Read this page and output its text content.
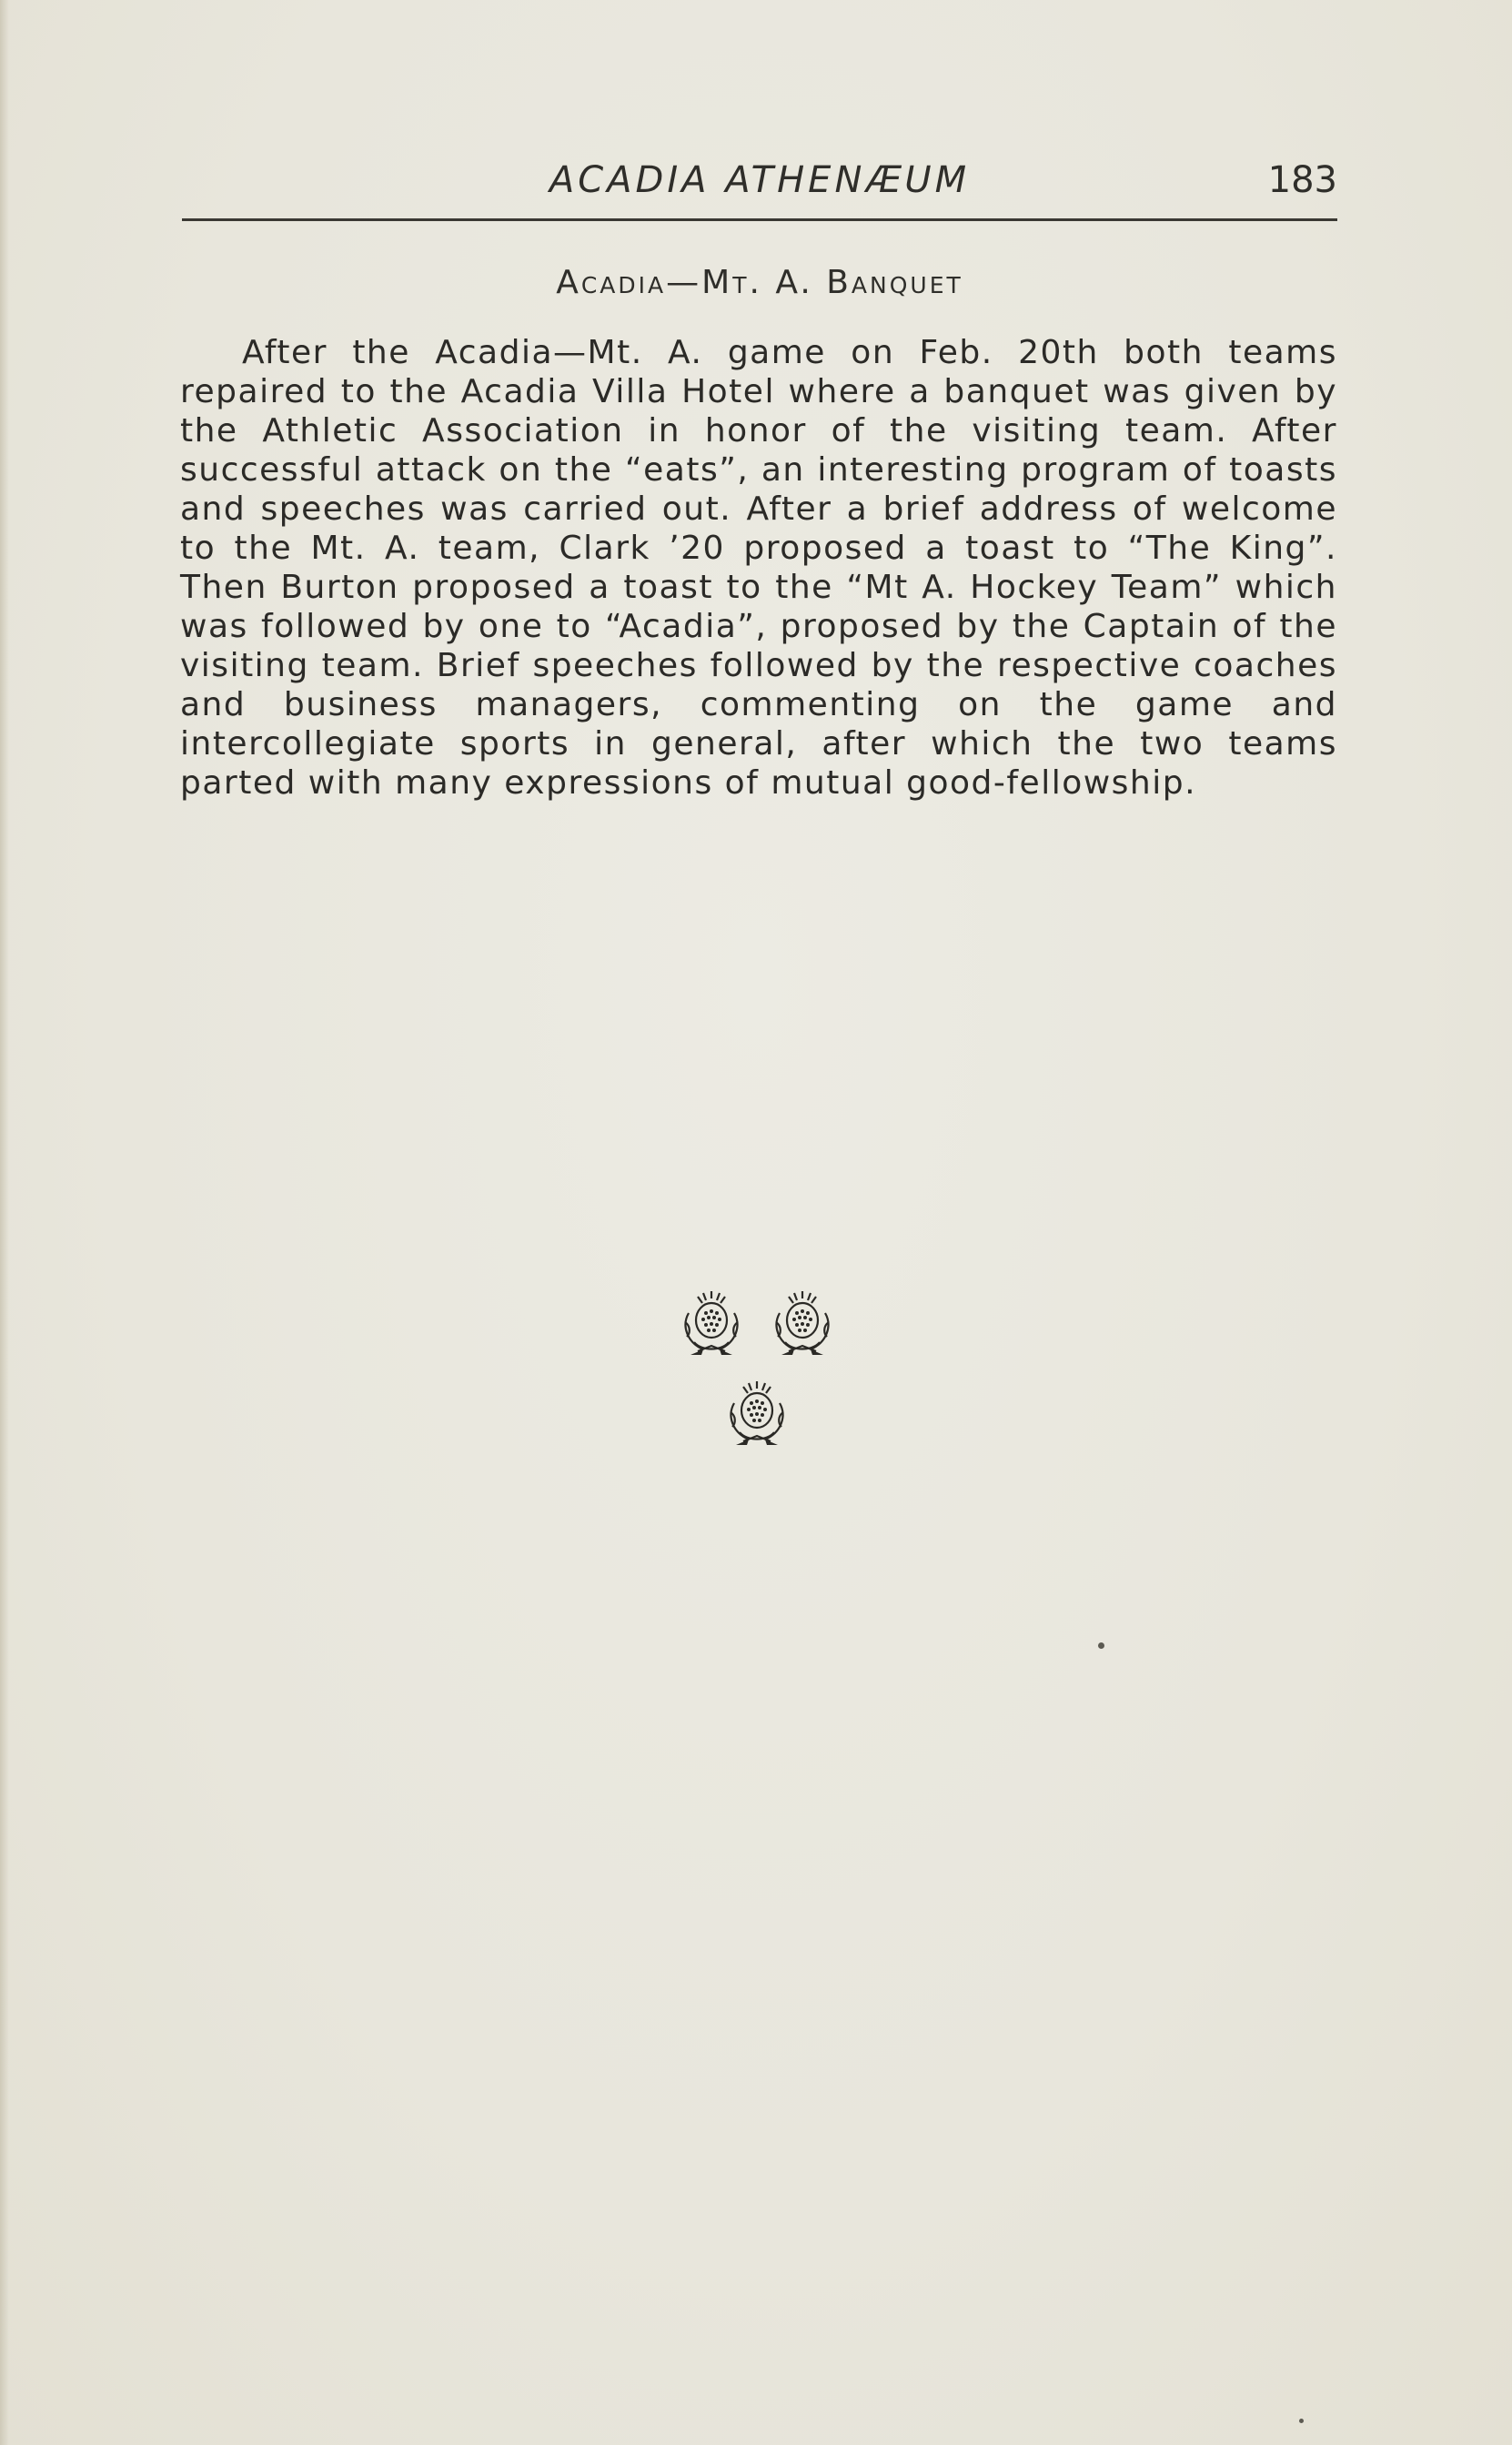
ACADIA ATHENÆUM	183
Acadia—Mt. A. Banquet

After the Acadia—Mt. A. game on Feb. 20th both teams repaired to the Acadia Villa Hotel where a banquet was given by the Athletic Association in honor of the visiting team. After successful attack on the “eats”, an interesting program of toasts and speeches was carried out. After a brief address of welcome to the Mt. A. team, Clark ’20 proposed a toast to “The King”. Then Burton proposed a toast to the “Mt A. Hockey Team” which was followed by one to “Acadia”, proposed by the Captain of the visiting team. Brief speeches followed by the respective coaches and business managers, commenting on the game and intercollegiate sports in general, after which the two teams parted with many expressions of mutual good-fellowship.
